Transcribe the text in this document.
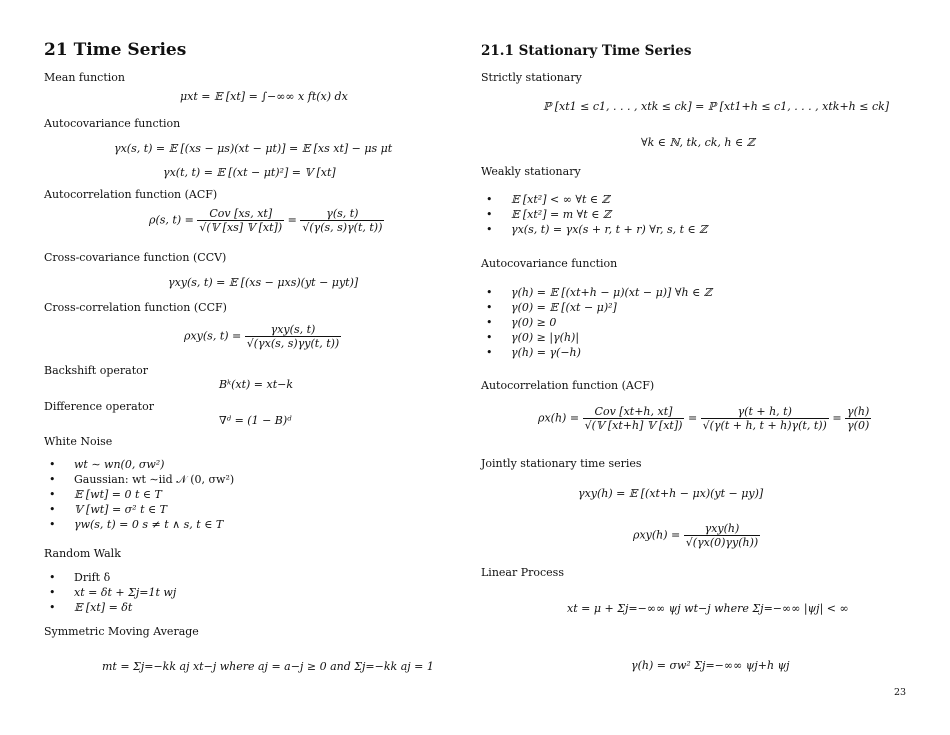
21 Time Series
Mean function
μxt = 𝔼 [xt] = ∫−∞∞ x ft(x) dx
Autocovariance function
γx(s, t) = 𝔼 [(xs − μs)(xt − μt)] = 𝔼 [xs xt] − μs μt
γx(t, t) = 𝔼 [(xt − μt)²] = 𝕍 [xt]
Autocorrelation function (ACF)
ρ(s, $t) = \frac{\text{Cov [xs, xt]}}{\text{√(𝕍 [xs] 𝕍 [xt])}} = \frac{\gamma(s, t)}{√(\gamma(s, s)\gamma(t, t))}$
Cross-covariance function (CCV)
γxy(s, t) = 𝔼 [(xs − μxs)(yt − μyt)]
Cross-correlation function (CCF)
ρxy(s, $t) = \frac{\text{γxy(s, t)}}{√(\gamma x(s, s)\gamma y(t, t))}$
Backshift operator
Bᵏ(xt) = xt−k
Difference operator
∇ᵈ = (1 − B)ᵈ
White Noise
• wt ∼ wn(0, σw²)
• Gaussian: wt ∼iid 𝒩 (0, σw²)
• 𝔼 [wt] = 0 t ∈ T
• 𝕍 [wt] = σ² t ∈ T
• γw(s, t) = 0 s ≠ t ∧ s, t ∈ T
Random Walk
• Drift δ
• xt = δt + Σj=1t wj
• 𝔼 [xt] = δt
Symmetric Moving Average
mt = Σj=−kk aj xt−j where aj = a−j ≥ 0 and Σj=−kk aj = 1
21.1 Stationary Time Series
Strictly stationary
ℙ [xt1 ≤ c1, . . . , xtk ≤ ck] = ℙ [xt1+h ≤ c1, . . . , xtk+h ≤ ck]
∀k ∈ ℕ, tk, ck, h ∈ ℤ
Weakly stationary
• 𝔼 [xt²] < ∞ ∀t ∈ ℤ
• 𝔼 [xt²] = m ∀t ∈ ℤ
• γx(s, t) = γx(s + r, t + r) ∀r, s, t ∈ ℤ
Autocovariance function
• γ(h) = 𝔼 [(xt+h − μ)(xt − μ)] ∀h ∈ ℤ
• γ(0) = 𝔼 [(xt − μ)²]
• γ(0) ≥ 0
• γ(0) ≥ |γ(h)|
• γ(h) = γ(−h)
Autocorrelation function (ACF)
$\rho x(h) = \frac{\text{Cov [xt+h, xt]}}{\text{√(𝕍 [xt+h] 𝕍 [xt])}} = \frac{\gamma(t + h, t)}{√(\gamma(t + h, t + h)\gamma(t, t))} = \frac{\gamma(h)}{\gamma(0)}$
Jointly stationary time series
γxy(h) = 𝔼 [(xt+h − μx)(yt − μy)]
$\rho xy(h) = \frac{\text{γxy(h)}}{√(\gamma x(0)\gamma y(h))}$
Linear Process
xt = μ + Σj=−∞∞ ψj wt−j where Σj=−∞∞ |ψj| < ∞
γ(h) = σw² Σj=−∞∞ ψj+h ψj
23
